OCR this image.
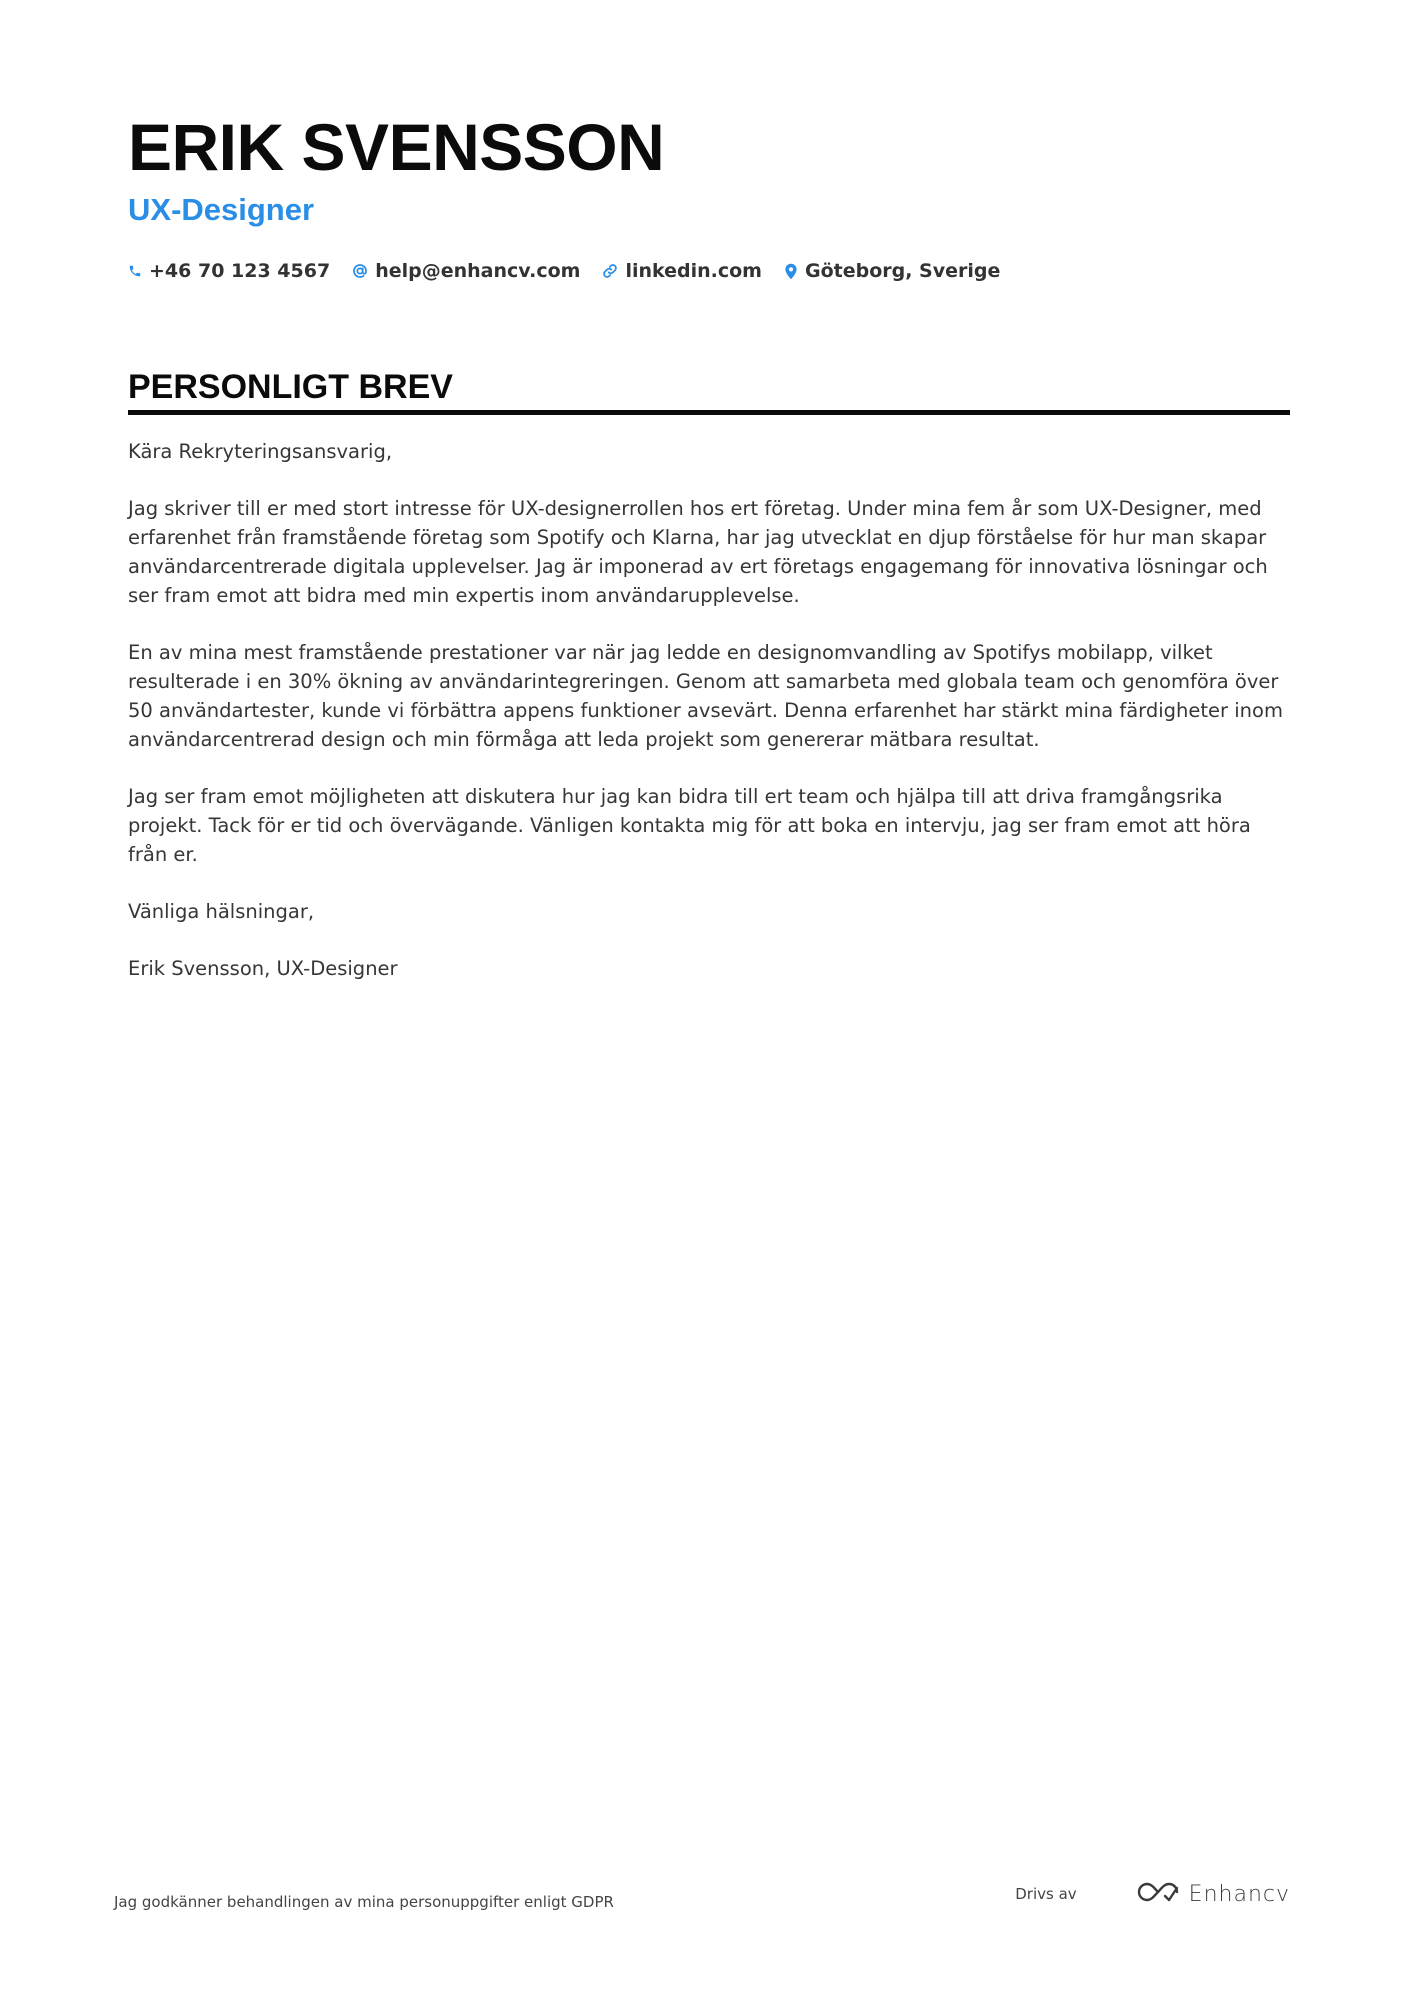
ERIK SVENSSON
UX-Designer
+46 70 123 4567 help@enhancv.com linkedin.com Göteborg, Sverige
PERSONLIGT BREV

Kära Rekryteringsansvarig,

Jag skriver till er med stort intresse för UX-designerrollen hos ert företag. Under mina fem år som UX-Designer, med erfarenhet från framstående företag som Spotify och Klarna, har jag utvecklat en djup förståelse för hur man skapar användarcentrerade digitala upplevelser. Jag är imponerad av ert företags engagemang för innovativa lösningar och ser fram emot att bidra med min expertis inom användarupplevelse.

En av mina mest framstående prestationer var när jag ledde en designomvandling av Spotifys mobilapp, vilket resulterade i en 30% ökning av användarintegreringen. Genom att samarbeta med globala team och genomföra över 50 användartester, kunde vi förbättra appens funktioner avsevärt. Denna erfarenhet har stärkt mina färdigheter inom användarcentrerad design och min förmåga att leda projekt som genererar mätbara resultat.

Jag ser fram emot möjligheten att diskutera hur jag kan bidra till ert team och hjälpa till att driva framgångsrika projekt. Tack för er tid och övervägande. Vänligen kontakta mig för att boka en intervju, jag ser fram emot att höra från er.

Vänliga hälsningar,

Erik Svensson, UX-Designer

Jag godkänner behandlingen av mina personuppgifter enligt GDPR	Drivs av	Enhancv
